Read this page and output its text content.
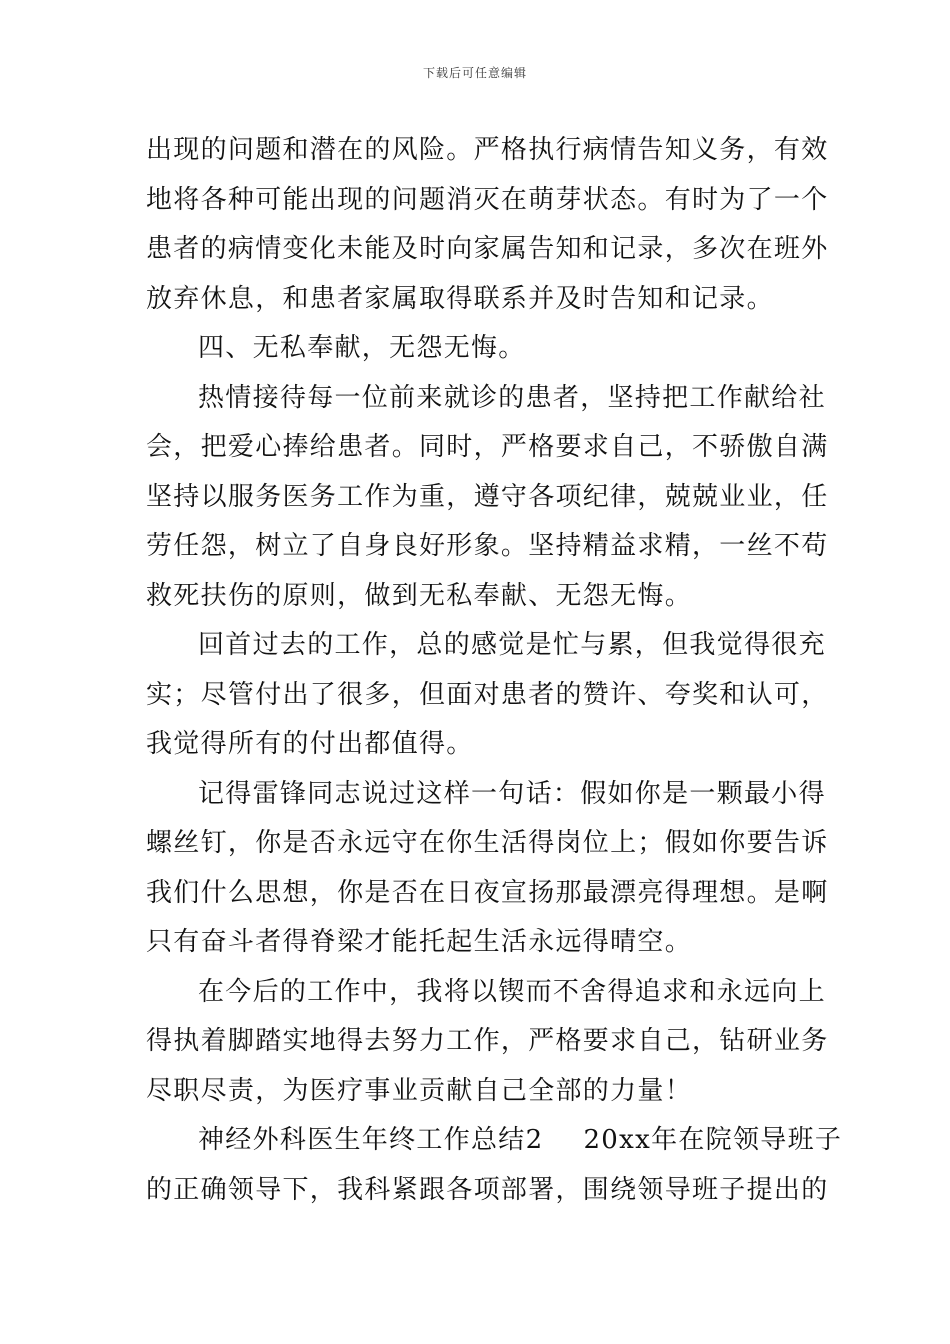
下载后可任意编辑
出现的问题和潜在的风险。严格执行病情告知义务，有效
地将各种可能出现的问题消灭在萌芽状态。有时为了一个
患者的病情变化未能及时向家属告知和记录，多次在班外
放弃休息，和患者家属取得联系并及时告知和记录。
四、无私奉献，无怨无悔。
热情接待每一位前来就诊的患者，坚持把工作献给社
会，把爱心捧给患者。同时，严格要求自己，不骄傲自满
坚持以服务医务工作为重，遵守各项纪律，兢兢业业，任
劳任怨，树立了自身良好形象。坚持精益求精，一丝不苟
救死扶伤的原则，做到无私奉献、无怨无悔。
回首过去的工作，总的感觉是忙与累，但我觉得很充
实；尽管付出了很多，但面对患者的赞许、夸奖和认可，
我觉得所有的付出都值得。
记得雷锋同志说过这样一句话：假如你是一颗最小得
螺丝钉，你是否永远守在你生活得岗位上；假如你要告诉
我们什么思想，你是否在日夜宣扬那最漂亮得理想。是啊
只有奋斗者得脊梁才能托起生活永远得晴空。
在今后的工作中，我将以锲而不舍得追求和永远向上
得执着脚踏实地得去努力工作，严格要求自己，钻研业务
尽职尽责，为医疗事业贡献自己全部的力量！
神经外科医生年终工作总结2 20xx年在院领导班子
的正确领导下，我科紧跟各项部署，围绕领导班子提出的
